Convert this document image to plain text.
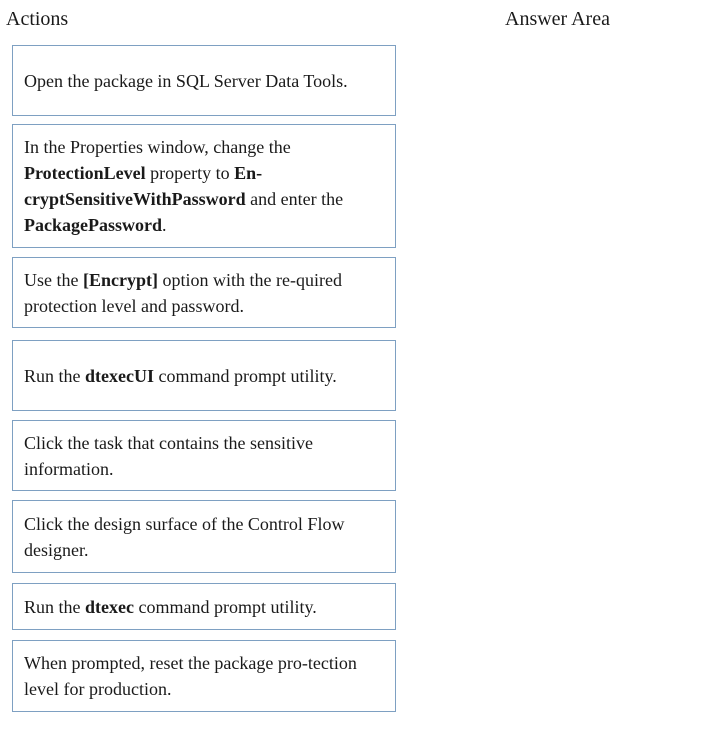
Actions	Answer Area
Open the package in SQL Server Data Tools.
In the Properties window, change the ProtectionLevel property to En-cryptSensitiveWithPassword and enter the PackagePassword.
Use the [Encrypt] option with the re-quired protection level and password.
Run the dtexecUI command prompt utility.
Click the task that contains the sensitive information.
Click the design surface of the Control Flow designer.
Run the dtexec command prompt utility.
When prompted, reset the package pro-tection level for production.
